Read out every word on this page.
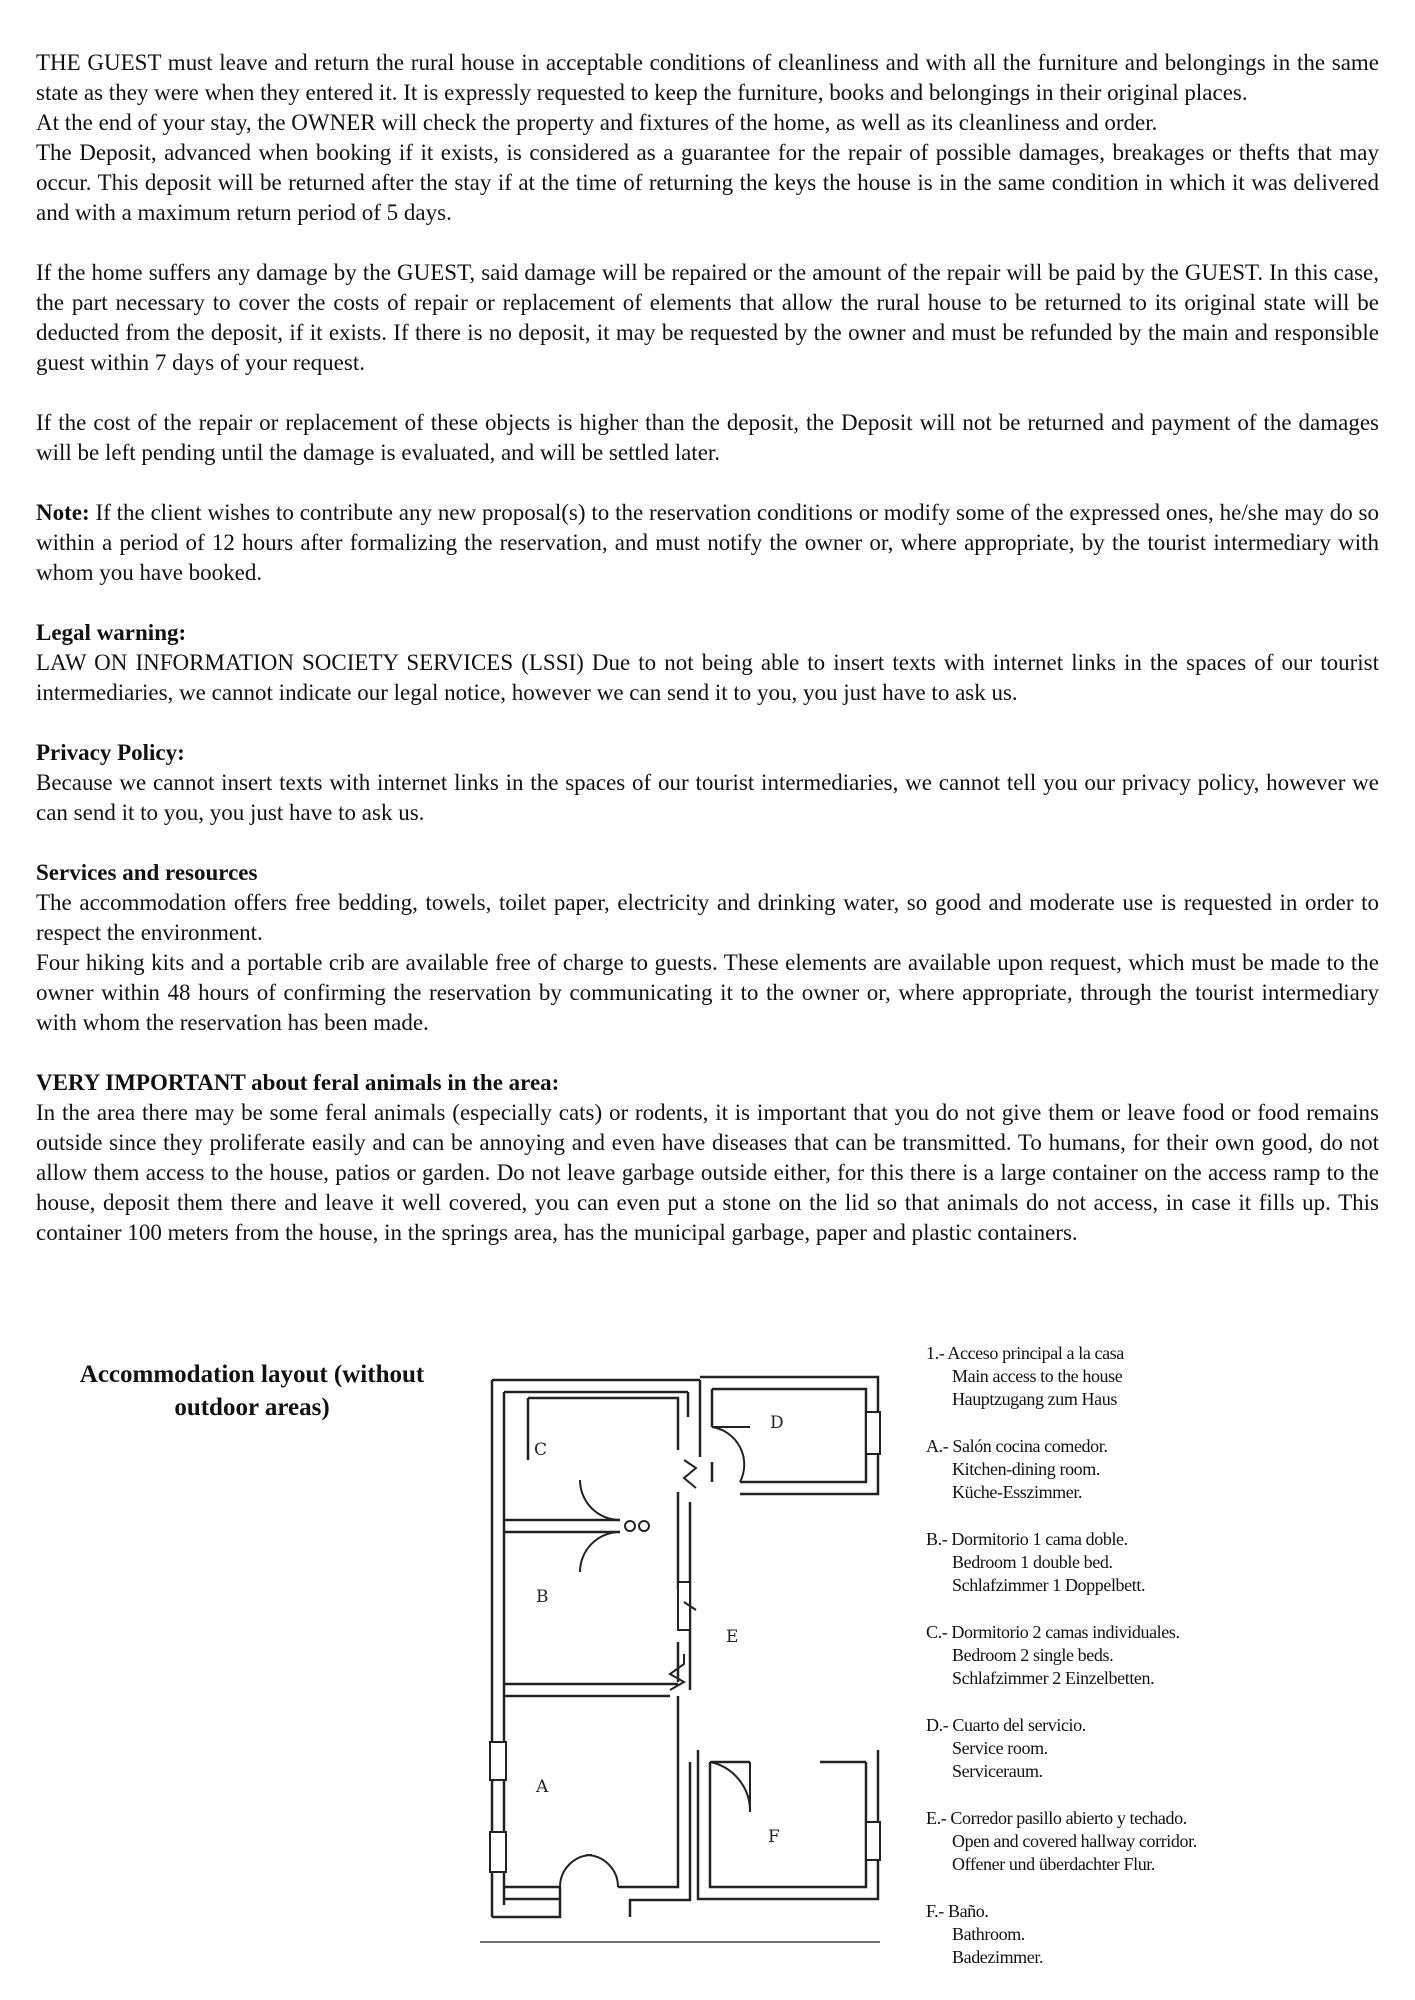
THE GUEST must leave and return the rural house in acceptable conditions of cleanliness and with all the furniture and belongings in the same state as they were when they entered it. It is expressly requested to keep the furniture, books and belongings in their original places.

At the end of your stay, the OWNER will check the property and fixtures of the home, as well as its cleanliness and order.

The Deposit, advanced when booking if it exists, is considered as a guarantee for the repair of possible damages, breakages or thefts that may occur. This deposit will be returned after the stay if at the time of returning the keys the house is in the same condition in which it was delivered and with a maximum return period of 5 days.

If the home suffers any damage by the GUEST, said damage will be repaired or the amount of the repair will be paid by the GUEST. In this case, the part necessary to cover the costs of repair or replacement of elements that allow the rural house to be returned to its original state will be deducted from the deposit, if it exists. If there is no deposit, it may be requested by the owner and must be refunded by the main and responsible guest within 7 days of your request.

If the cost of the repair or replacement of these objects is higher than the deposit, the Deposit will not be returned and payment of the damages will be left pending until the damage is evaluated, and will be settled later.

Note: If the client wishes to contribute any new proposal(s) to the reservation conditions or modify some of the expressed ones, he/she may do so within a period of 12 hours after formalizing the reservation, and must notify the owner or, where appropriate, by the tourist intermediary with whom you have booked.

Legal warning:

LAW ON INFORMATION SOCIETY SERVICES (LSSI) Due to not being able to insert texts with internet links in the spaces of our tourist intermediaries, we cannot indicate our legal notice, however we can send it to you, you just have to ask us.

Privacy Policy:

Because we cannot insert texts with internet links in the spaces of our tourist intermediaries, we cannot tell you our privacy policy, however we can send it to you, you just have to ask us.

Services and resources

The accommodation offers free bedding, towels, toilet paper, electricity and drinking water, so good and moderate use is requested in order to respect the environment.

Four hiking kits and a portable crib are available free of charge to guests. These elements are available upon request, which must be made to the owner within 48 hours of confirming the reservation by communicating it to the owner or, where appropriate, through the tourist intermediary with whom the reservation has been made.

VERY IMPORTANT about feral animals in the area:

In the area there may be some feral animals (especially cats) or rodents, it is important that you do not give them or leave food or food remains outside since they proliferate easily and can be annoying and even have diseases that can be transmitted. To humans, for their own good, do not allow them access to the house, patios or garden. Do not leave garbage outside either, for this there is a large container on the access ramp to the house, deposit them there and leave it well covered, you can even put a stone on the lid so that animals do not access, in case it fills up. This container 100 meters from the house, in the springs area, has the municipal garbage, paper and plastic containers.

Accommodation layout (without outdoor areas)
C
D
B
E
A
F
1.- Acceso principal a la casa
Main access to the house
Hauptzugang zum Haus
A.- Salón cocina comedor.
Kitchen-dining room.
Küche-Esszimmer.
B.- Dormitorio 1 cama doble.
Bedroom 1 double bed.
Schlafzimmer 1 Doppelbett.
C.- Dormitorio 2 camas individuales.
Bedroom 2 single beds.
Schlafzimmer 2 Einzelbetten.
D.- Cuarto del servicio.
Service room.
Serviceraum.
E.- Corredor pasillo abierto y techado.
Open and covered hallway corridor.
Offener und überdachter Flur.
F.- Baño.
Bathroom.
Badezimmer.
